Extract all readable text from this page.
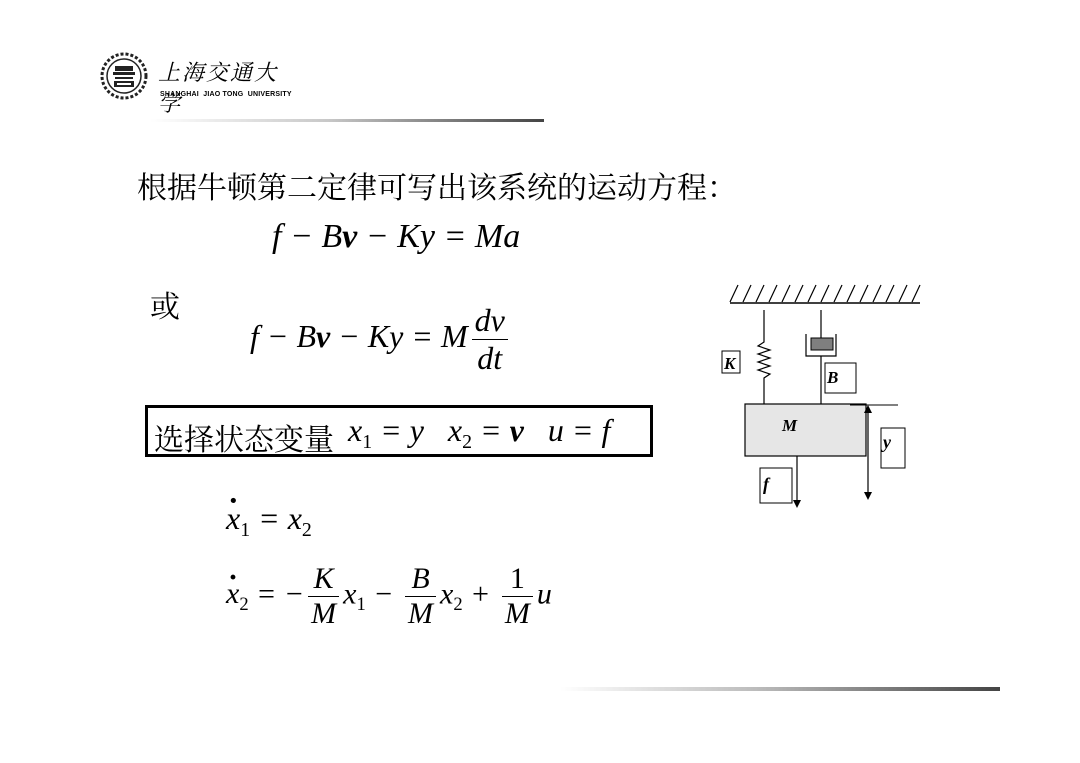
上海交通大学
SHANGHAI  JIAO TONG  UNIVERSITY
根据牛顿第二定律可写出该系统的运动方程：
f − Bv − Ky = Ma
或
f − Bv − Ky = M $\frac{dv}{dt}$
选择状态变量 $x_1 = y$   $x_2 = v$   u = f
· $x_1 = x_2$
· $x_2$ = − $\frac{K}{M} x_1 - \frac{B}{M} x_2 + \frac{1}{M}$ u
K
B
M
y
f
